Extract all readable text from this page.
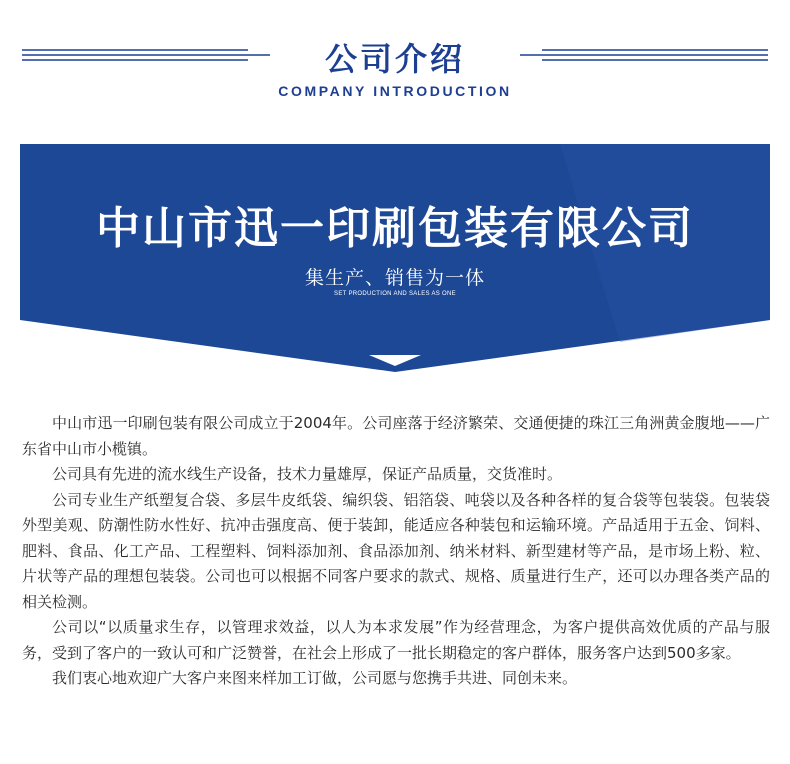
公司介绍
COMPANY INTRODUCTION
中山市迅一印刷包装有限公司
集生产、销售为一体
SET PRODUCTION AND SALES AS ONE

中山市迅一印刷包装有限公司成立于2004年。公司座落于经济繁荣、交通便捷的珠江三角洲黄金腹地——广东省中山市小榄镇。

公司具有先进的流水线生产设备，技术力量雄厚，保证产品质量，交货准时。

公司专业生产纸塑复合袋、多层牛皮纸袋、编织袋、铝箔袋、吨袋以及各种各样的复合袋等包装袋。包装袋外型美观、防潮性防水性好、抗冲击强度高、便于装卸，能适应各种装包和运输环境。产品适用于五金、饲料、肥料、食品、化工产品、工程塑料、饲料添加剂、食品添加剂、纳米材料、新型建材等产品，是市场上粉、粒、片状等产品的理想包装袋。公司也可以根据不同客户要求的款式、规格、质量进行生产，还可以办理各类产品的相关检测。

公司以“以质量求生存，以管理求效益，以人为本求发展”作为经营理念，为客户提供高效优质的产品与服务，受到了客户的一致认可和广泛赞誉，在社会上形成了一批长期稳定的客户群体，服务客户达到500多家。

我们衷心地欢迎广大客户来图来样加工订做，公司愿与您携手共进、同创未来。
